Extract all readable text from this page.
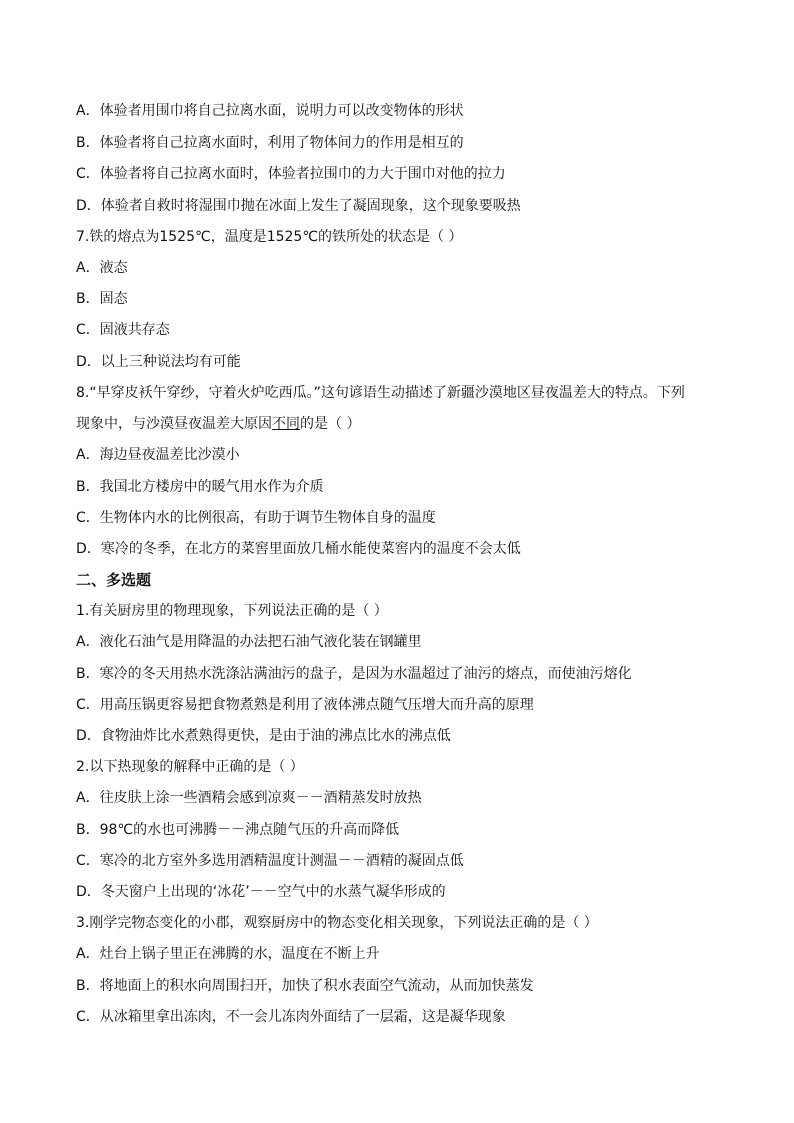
A．体验者用围巾将自己拉离水面，说明力可以改变物体的形状
B．体验者将自己拉离水面时，利用了物体间力的作用是相互的
C．体验者将自己拉离水面时，体验者拉围巾的力大于围巾对他的拉力
D．体验者自救时将湿围巾抛在冰面上发生了凝固现象，这个现象要吸热
7.铁的熔点为1525℃，温度是1525℃的铁所处的状态是（ ）
A．液态
B．固态
C．固液共存态
D．以上三种说法均有可能
8.“早穿皮袄午穿纱，守着火炉吃西瓜。”这句谚语生动描述了新疆沙漠地区昼夜温差大的特点。下列
现象中，与沙漠昼夜温差大原因不同的是（ ）
A．海边昼夜温差比沙漠小
B．我国北方楼房中的暖气用水作为介质
C．生物体内水的比例很高，有助于调节生物体自身的温度
D．寒冷的冬季，在北方的菜窖里面放几桶水能使菜窖内的温度不会太低
二、多选题
1.有关厨房里的物理现象，下列说法正确的是（ ）
A．液化石油气是用降温的办法把石油气液化装在钢罐里
B．寒冷的冬天用热水洗涤沾满油污的盘子，是因为水温超过了油污的熔点，而使油污熔化
C．用高压锅更容易把食物煮熟是利用了液体沸点随气压增大而升高的原理
D．食物油炸比水煮熟得更快，是由于油的沸点比水的沸点低
2.以下热现象的解释中正确的是（ ）
A．往皮肤上涂一些酒精会感到凉爽－－酒精蒸发时放热
B．98℃的水也可沸腾－－沸点随气压的升高而降低
C．寒冷的北方室外多选用酒精温度计测温－－酒精的凝固点低
D．冬天窗户上出现的‘冰花’－－空气中的水蒸气凝华形成的
3.刚学完物态变化的小郡，观察厨房中的物态变化相关现象，下列说法正确的是（ ）
A．灶台上锅子里正在沸腾的水，温度在不断上升
B．将地面上的积水向周围扫开，加快了积水表面空气流动，从而加快蒸发
C．从冰箱里拿出冻肉，不一会儿冻肉外面结了一层霜，这是凝华现象
